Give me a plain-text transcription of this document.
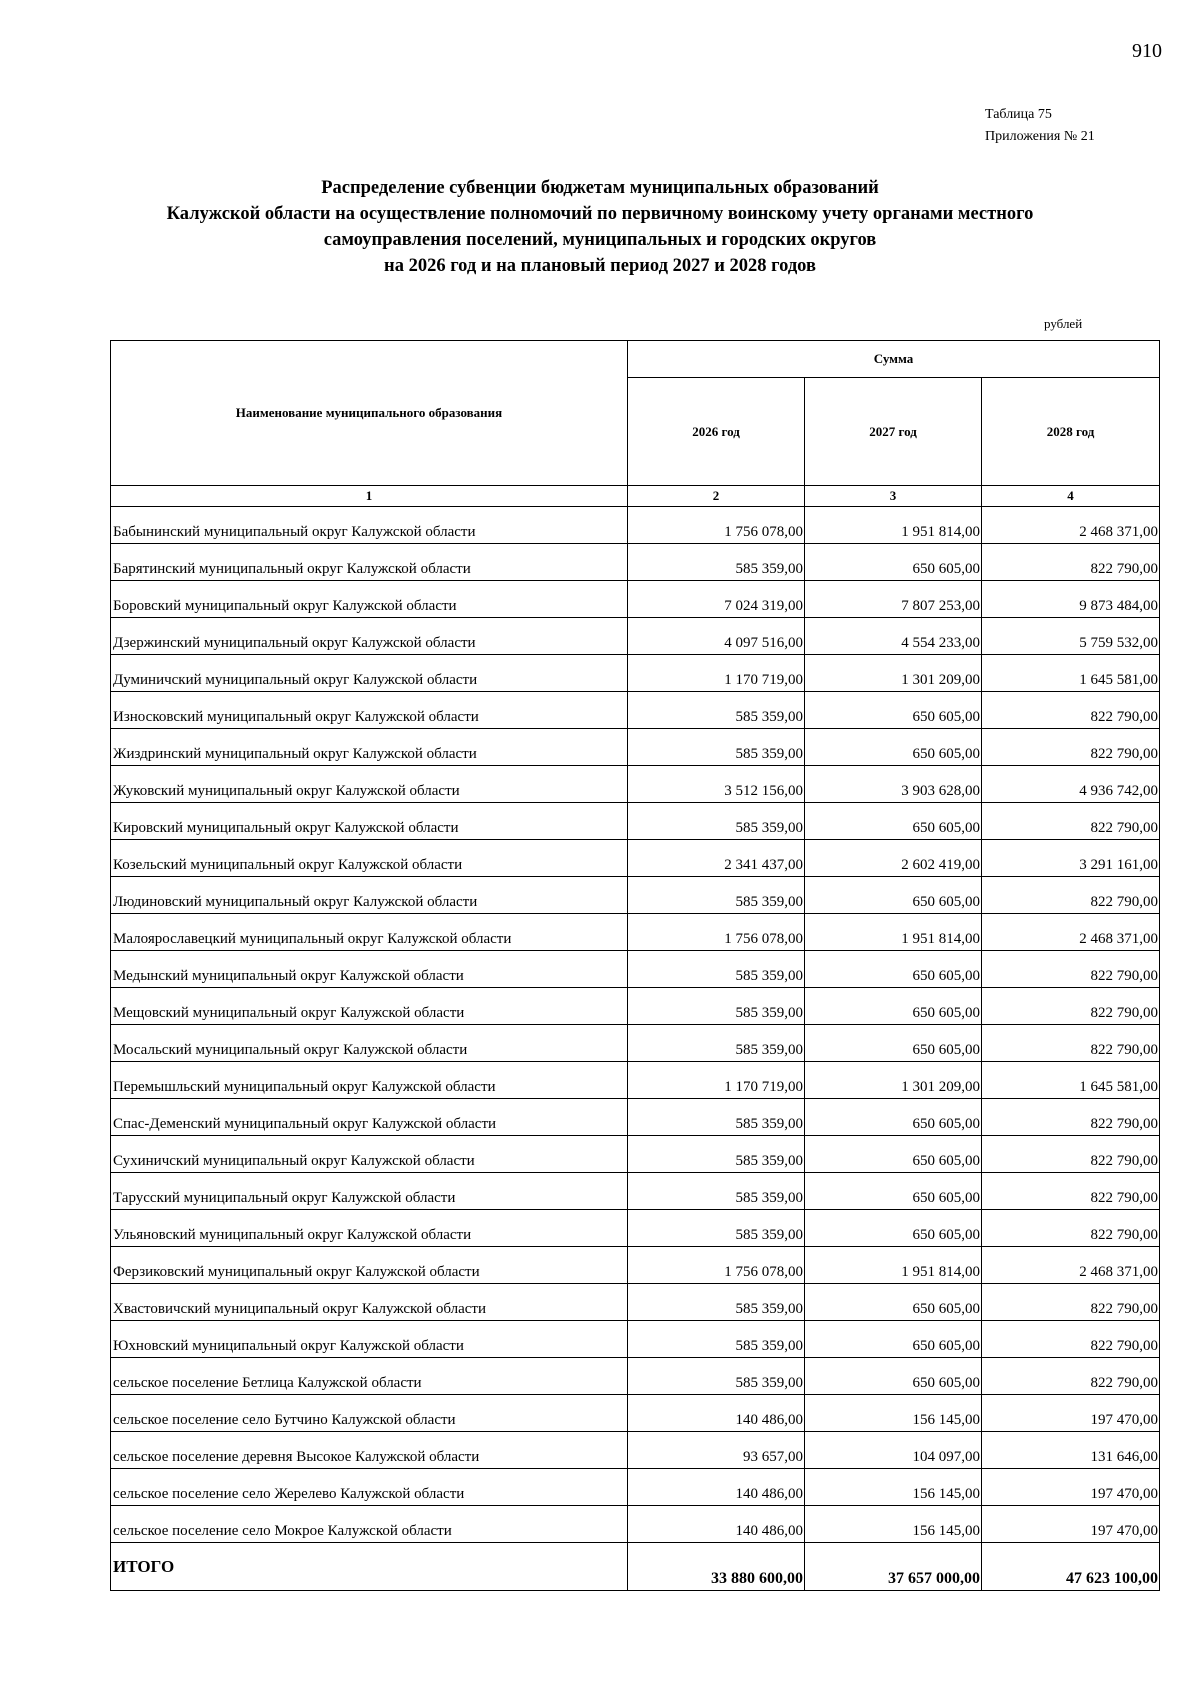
910
Таблица 75
Приложения № 21
Распределение субвенции бюджетам муниципальных образований
Калужской области на осуществление полномочий по первичному воинскому учету органами местного
самоуправления поселений, муниципальных и городских округов
на 2026 год и на плановый период 2027 и 2028 годов
рублей
Наименование муниципального образования	Сумма		
	2026 год	2027 год	2028 год
1	2	3	4
Бабынинский муниципальный округ Калужской области	1 756 078,00	1 951 814,00	2 468 371,00
Барятинский муниципальный округ Калужской области	585 359,00	650 605,00	822 790,00
Боровский муниципальный округ Калужской области	7 024 319,00	7 807 253,00	9 873 484,00
Дзержинский муниципальный округ Калужской области	4 097 516,00	4 554 233,00	5 759 532,00
Думиничский муниципальный округ Калужской области	1 170 719,00	1 301 209,00	1 645 581,00
Износковский муниципальный округ Калужской области	585 359,00	650 605,00	822 790,00
Жиздринский муниципальный округ Калужской области	585 359,00	650 605,00	822 790,00
Жуковский муниципальный округ Калужской области	3 512 156,00	3 903 628,00	4 936 742,00
Кировский муниципальный округ Калужской области	585 359,00	650 605,00	822 790,00
Козельский муниципальный округ Калужской области	2 341 437,00	2 602 419,00	3 291 161,00
Людиновский муниципальный округ Калужской области	585 359,00	650 605,00	822 790,00
Малоярославецкий муниципальный округ Калужской области	1 756 078,00	1 951 814,00	2 468 371,00
Медынский муниципальный округ Калужской области	585 359,00	650 605,00	822 790,00
Мещовский муниципальный округ Калужской области	585 359,00	650 605,00	822 790,00
Мосальский муниципальный округ Калужской области	585 359,00	650 605,00	822 790,00
Перемышльский муниципальный округ Калужской области	1 170 719,00	1 301 209,00	1 645 581,00
Спас-Деменский муниципальный округ Калужской области	585 359,00	650 605,00	822 790,00
Сухиничский муниципальный округ Калужской области	585 359,00	650 605,00	822 790,00
Тарусский муниципальный округ Калужской области	585 359,00	650 605,00	822 790,00
Ульяновский муниципальный округ Калужской области	585 359,00	650 605,00	822 790,00
Ферзиковский муниципальный округ Калужской области	1 756 078,00	1 951 814,00	2 468 371,00
Хвастовичский муниципальный округ Калужской области	585 359,00	650 605,00	822 790,00
Юхновский муниципальный округ Калужской области	585 359,00	650 605,00	822 790,00
сельское поселение Бетлица Калужской области	585 359,00	650 605,00	822 790,00
сельское поселение село Бутчино Калужской области	140 486,00	156 145,00	197 470,00
сельское поселение деревня Высокое Калужской области	93 657,00	104 097,00	131 646,00
сельское поселение село Жерелево Калужской области	140 486,00	156 145,00	197 470,00
сельское поселение село Мокрое Калужской области	140 486,00	156 145,00	197 470,00
ИТОГО	33 880 600,00	37 657 000,00	47 623 100,00
